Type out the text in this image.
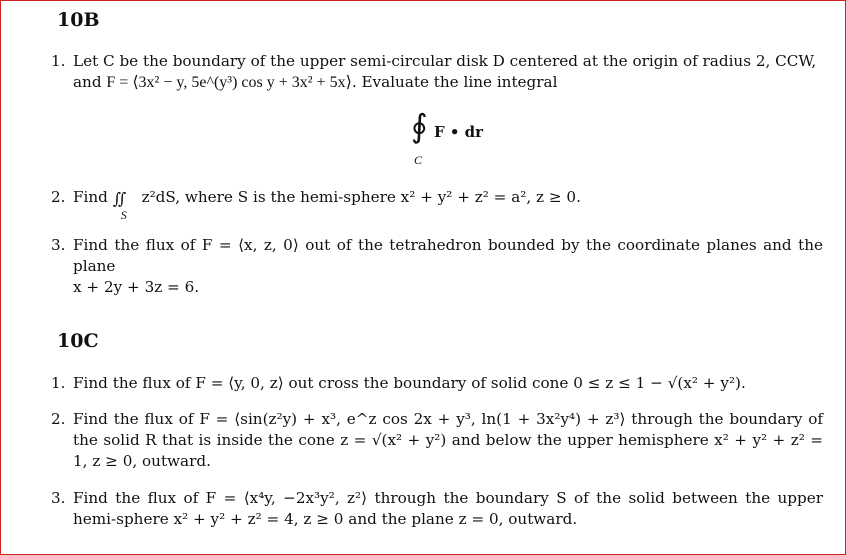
10B
1. Let C be the boundary of the upper semi-circular disk D centered at the origin of radius 2, CCW,
and F = ⟨3x² − y, 5e^(y³) cos y + 3x² + 5x⟩. Evaluate the line integral
∮ F • dr
C
2. Find ∬
S
z²dS, where S is the hemi-sphere x² + y² + z² = a², z ≥ 0.
3. Find the flux of F = ⟨x, z, 0⟩ out of the tetrahedron bounded by the coordinate planes and the plane
x + 2y + 3z = 6.
10C
1. Find the flux of F = ⟨y, 0, z⟩ out cross the boundary of solid cone 0 ≤ z ≤ 1 − √(x² + y²).
2. Find the flux of F = ⟨sin(z²y) + x³, e^z cos 2x + y³, ln(1 + 3x²y⁴) + z³⟩ through the boundary of the solid R that is inside the cone z = √(x² + y²) and below the upper hemisphere x² + y² + z² = 1, z ≥ 0, outward.
3. Find the flux of F = ⟨x⁴y, −2x³y², z²⟩ through the boundary S of the solid between the upper hemi-sphere x² + y² + z² = 4, z ≥ 0 and the plane z = 0, outward.
